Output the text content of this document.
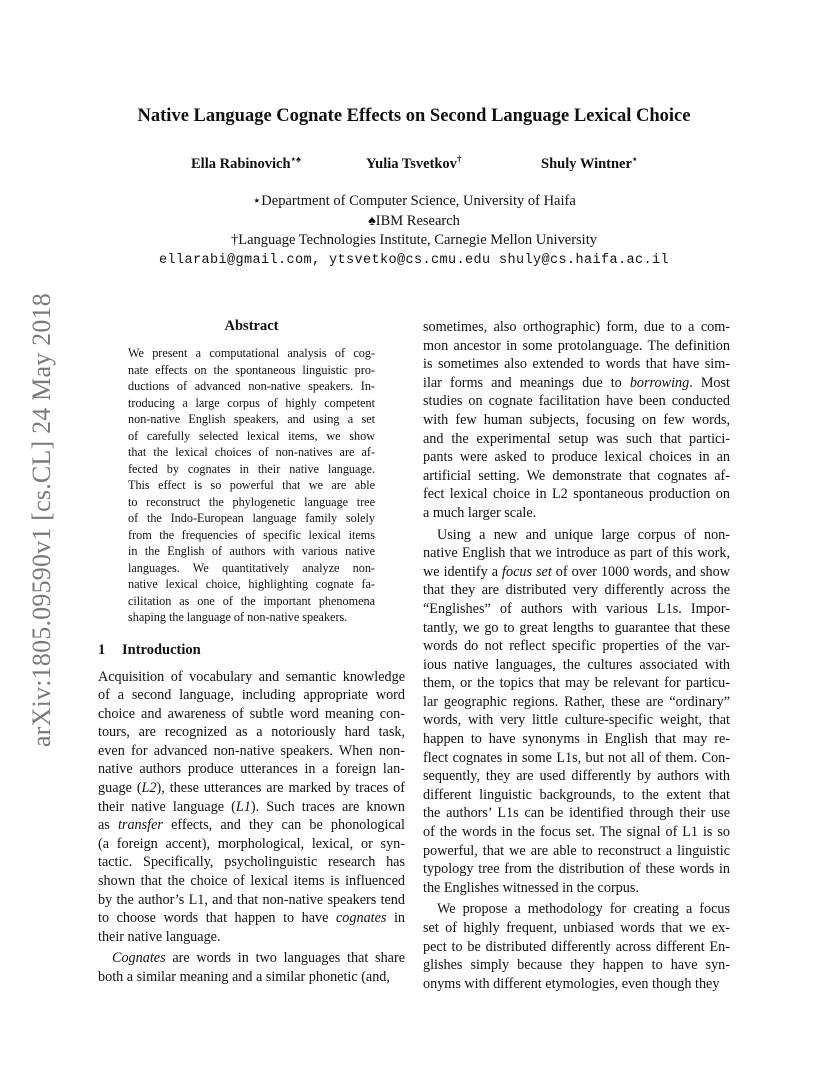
arXiv:1805.09590v1 [cs.CL] 24 May 2018
Native Language Cognate Effects on Second Language Lexical Choice
Ella Rabinovich⋆♠	Yulia Tsvetkov†	Shuly Wintner⋆
⋆Department of Computer Science, University of Haifa
♠IBM Research
†Language Technologies Institute, Carnegie Mellon University
ellarabi@gmail.com, ytsvetko@cs.cmu.edu shuly@cs.haifa.ac.il
Abstract
We present a computational analysis of cog-
nate effects on the spontaneous linguistic pro-
ductions of advanced non-native speakers. In-
troducing a large corpus of highly competent
non-native English speakers, and using a set
of carefully selected lexical items, we show
that the lexical choices of non-natives are af-
fected by cognates in their native language.
This effect is so powerful that we are able
to reconstruct the phylogenetic language tree
of the Indo-European language family solely
from the frequencies of specific lexical items
in the English of authors with various native
languages. We quantitatively analyze non-
native lexical choice, highlighting cognate fa-
cilitation as one of the important phenomena
shaping the language of non-native speakers.
1 Introduction
Acquisition of vocabulary and semantic knowledge
of a second language, including appropriate word
choice and awareness of subtle word meaning con-
tours, are recognized as a notoriously hard task,
even for advanced non-native speakers. When non-
native authors produce utterances in a foreign lan-
guage (L2), these utterances are marked by traces of
their native language (L1). Such traces are known
as transfer effects, and they can be phonological
(a foreign accent), morphological, lexical, or syn-
tactic. Specifically, psycholinguistic research has
shown that the choice of lexical items is influenced
by the author’s L1, and that non-native speakers tend
to choose words that happen to have cognates in
their native language.
Cognates are words in two languages that share
both a similar meaning and a similar phonetic (and,
sometimes, also orthographic) form, due to a com-
mon ancestor in some protolanguage. The definition
is sometimes also extended to words that have sim-
ilar forms and meanings due to borrowing. Most
studies on cognate facilitation have been conducted
with few human subjects, focusing on few words,
and the experimental setup was such that partici-
pants were asked to produce lexical choices in an
artificial setting. We demonstrate that cognates af-
fect lexical choice in L2 spontaneous production on
a much larger scale.
Using a new and unique large corpus of non-
native English that we introduce as part of this work,
we identify a focus set of over 1000 words, and show
that they are distributed very differently across the
“Englishes” of authors with various L1s. Impor-
tantly, we go to great lengths to guarantee that these
words do not reflect specific properties of the var-
ious native languages, the cultures associated with
them, or the topics that may be relevant for particu-
lar geographic regions. Rather, these are “ordinary”
words, with very little culture-specific weight, that
happen to have synonyms in English that may re-
flect cognates in some L1s, but not all of them. Con-
sequently, they are used differently by authors with
different linguistic backgrounds, to the extent that
the authors’ L1s can be identified through their use
of the words in the focus set. The signal of L1 is so
powerful, that we are able to reconstruct a linguistic
typology tree from the distribution of these words in
the Englishes witnessed in the corpus.
We propose a methodology for creating a focus
set of highly frequent, unbiased words that we ex-
pect to be distributed differently across different En-
glishes simply because they happen to have syn-
onyms with different etymologies, even though they
